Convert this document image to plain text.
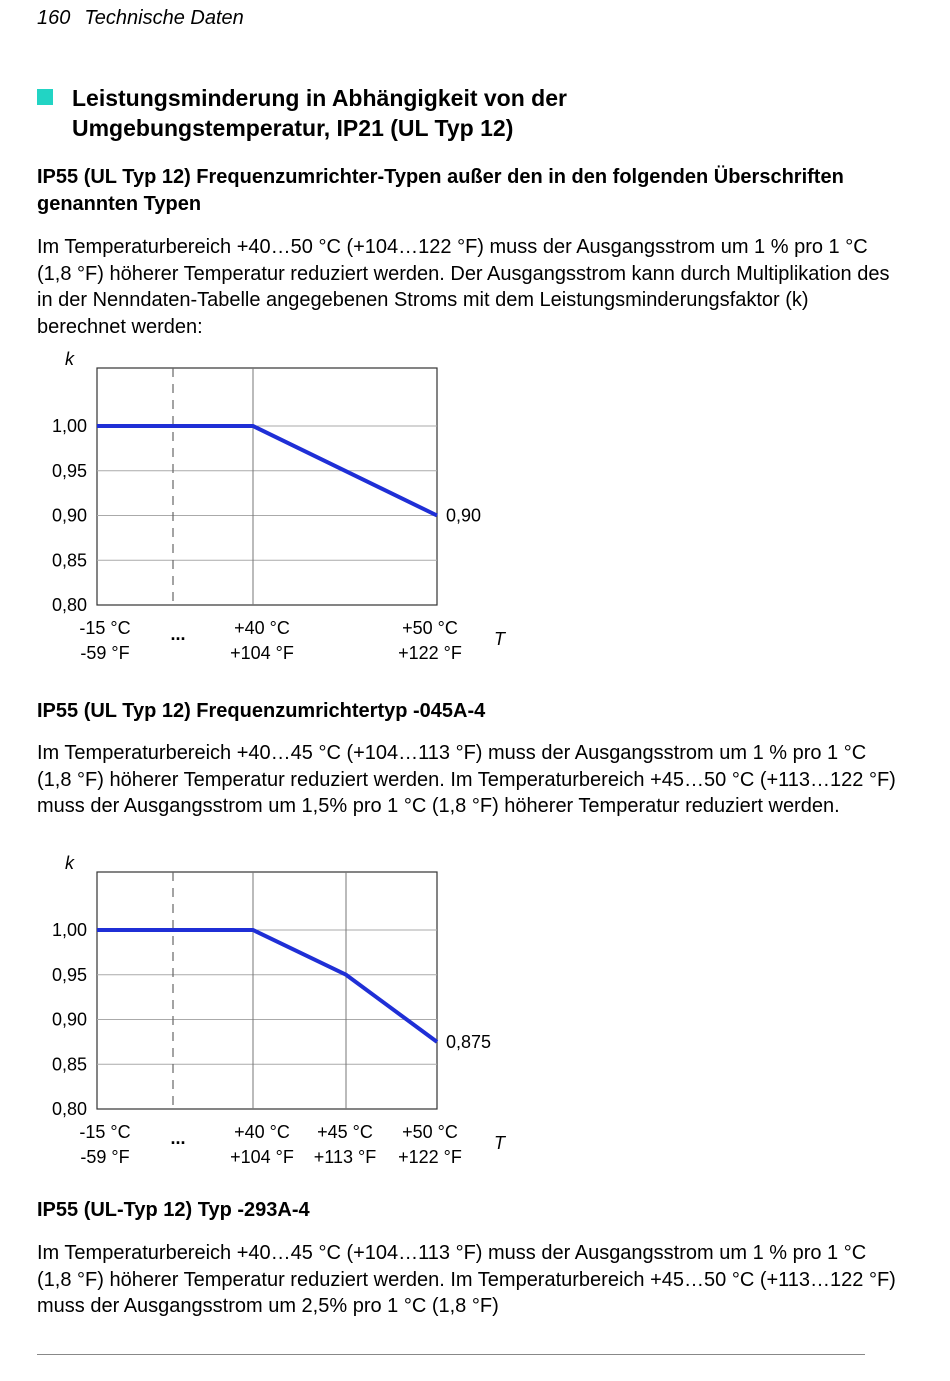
160 Technische Daten
Leistungsminderung in Abhängigkeit von der Umgebungstemperatur, IP21 (UL Typ 12)
IP55 (UL Typ 12) Frequenzumrichter-Typen außer den in den folgenden Überschriften genannten Typen
Im Temperaturbereich +40…50 °C (+104…122 °F) muss der Ausgangsstrom um 1 % pro 1 °C (1,8 °F) höherer Temperatur reduziert werden. Der Ausgangsstrom kann durch Multiplikation des in der Nenndaten-Tabelle angegebenen Stroms mit dem Leistungsminderungsfaktor (k) berechnet werden:
1,00
0,95
0,90
0,85
0,80
k
T
-15 °C
-59 °F
+40 °C
+104 °F
+50 °C
+122 °F
...
0,90
IP55 (UL Typ 12) Frequenzumrichtertyp -045A-4
Im Temperaturbereich +40…45 °C (+104…113 °F) muss der Ausgangsstrom um 1 % pro 1 °C (1,8 °F) höherer Temperatur reduziert werden. Im Temperaturbereich +45…50 °C (+113…122 °F) muss der Ausgangsstrom um 1,5% pro 1 °C (1,8 °F) höherer Temperatur reduziert werden.
1,00
0,95
0,90
0,85
0,80
k
T
-15 °C
-59 °F
+40 °C
+104 °F
+45 °C
+113 °F
+50 °C
+122 °F
...
0,875
IP55 (UL-Typ 12) Typ -293A-4
Im Temperaturbereich +40…45 °C (+104…113 °F) muss der Ausgangsstrom um 1 % pro 1 °C (1,8 °F) höherer Temperatur reduziert werden. Im Temperaturbereich +45…50 °C (+113…122 °F) muss der Ausgangsstrom um 2,5% pro 1 °C (1,8 °F)
